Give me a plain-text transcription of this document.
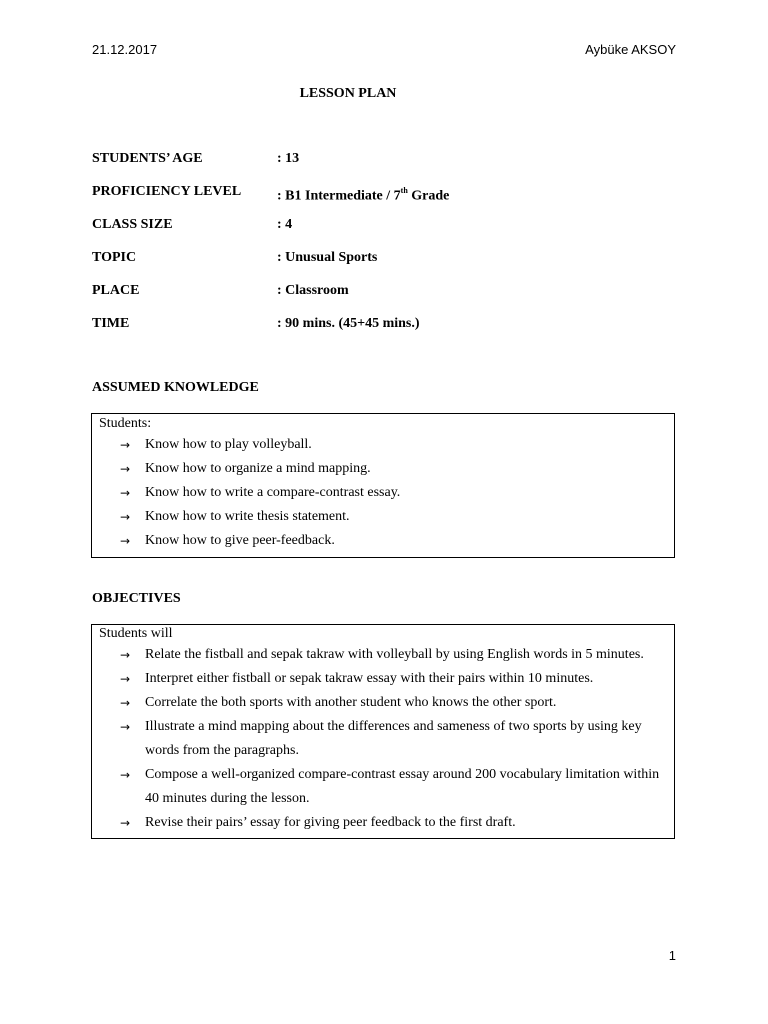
21.12.2017	Aybüke AKSOY
LESSON PLAN
STUDENTS’ AGE	: 13
PROFICIENCY LEVEL	: B1 Intermediate / 7th Grade
CLASS SIZE	: 4
TOPIC	: Unusual Sports
PLACE	: Classroom
TIME	: 90 mins. (45+45 mins.)
ASSUMED KNOWLEDGE

Students:

→ Know how to play volleyball.
→ Know how to organize a mind mapping.
→ Know how to write a compare-contrast essay.
→ Know how to write thesis statement.
→ Know how to give peer-feedback.
OBJECTIVES

Students will

→ Relate the fistball and sepak takraw with volleyball by using English words in 5 minutes.
→ Interpret either fistball or sepak takraw essay with their pairs within 10 minutes.
→ Correlate the both sports with another student who knows the other sport.
→ Illustrate a mind mapping about the differences and sameness of two sports by using key words from the paragraphs.
→ Compose a well-organized compare-contrast essay around 200 vocabulary limitation within 40 minutes during the lesson.
→ Revise their pairs’ essay for giving peer feedback to the first draft.
1
